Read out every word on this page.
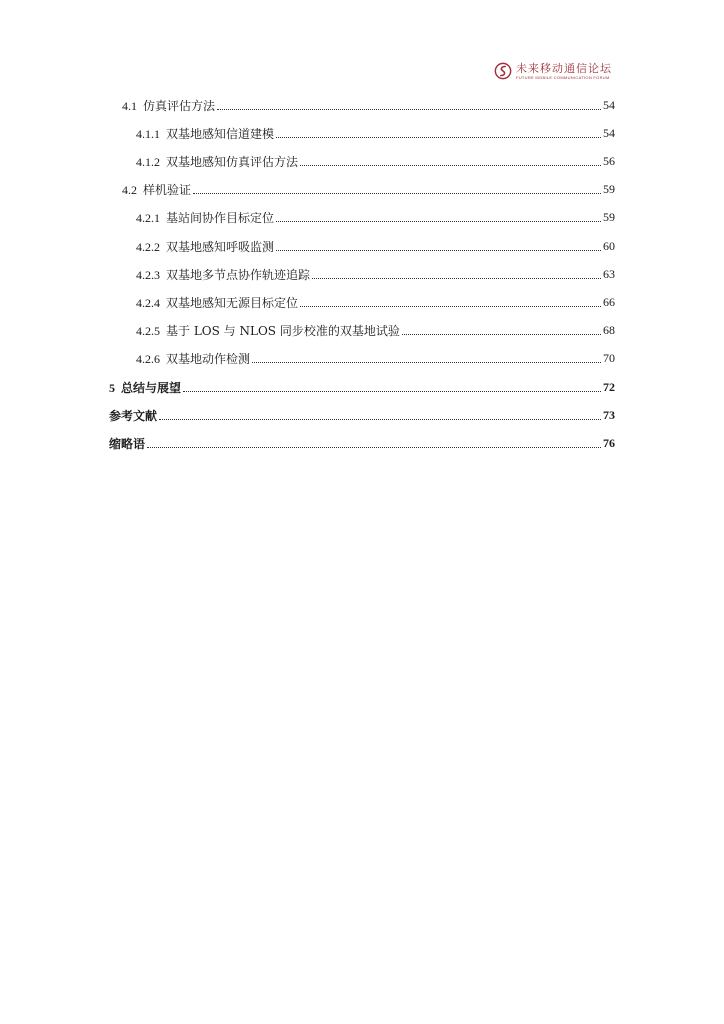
未来移动通信论坛
FUTURE MOBILE COMMUNICATION FORUM
4.1 仿真评估方法	54
4.1.1 双基地感知信道建模	54
4.1.2 双基地感知仿真评估方法	56
4.2 样机验证	59
4.2.1 基站间协作目标定位	59
4.2.2 双基地感知呼吸监测	60
4.2.3 双基地多节点协作轨迹追踪	63
4.2.4 双基地感知无源目标定位	66
4.2.5 基于 LOS 与 NLOS 同步校准的双基地试验	68
4.2.6 双基地动作检测	70
5 总结与展望	72
参考文献	73
缩略语	76
